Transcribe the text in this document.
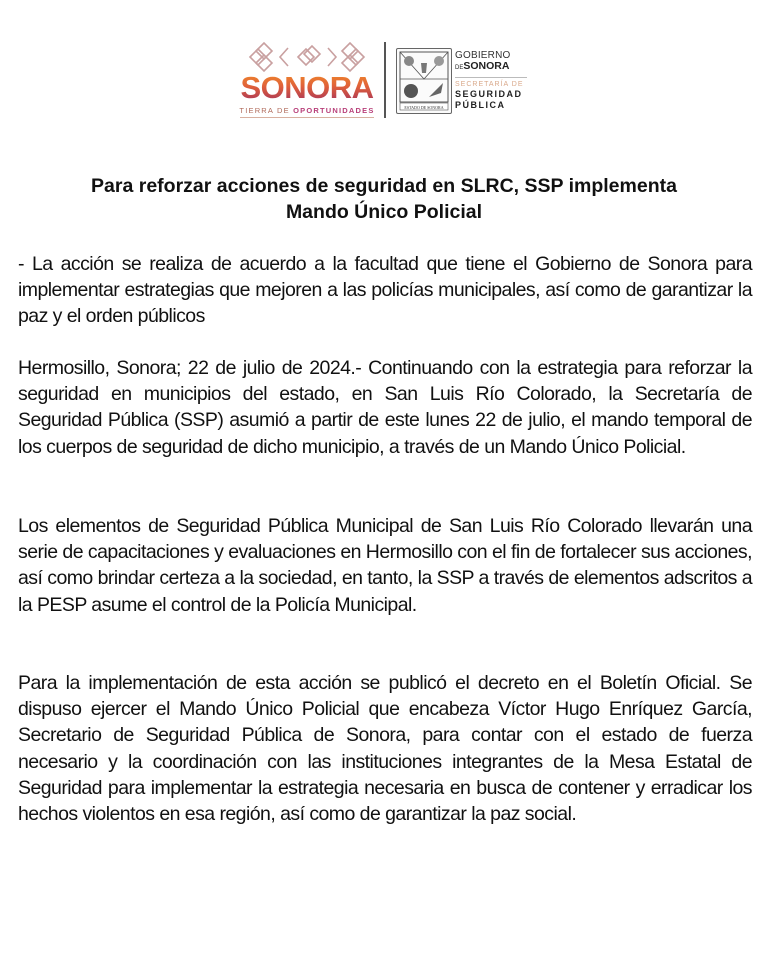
SONORA
TIERRA DE OPORTUNIDADES	ESTADO DE SONORA
GOBIERNO
DESONORA
SECRETARÍA DE
SEGURIDAD
PÚBLICA
Para reforzar acciones de seguridad en SLRC, SSP implementa
Mando Único Policial

- La acción se realiza de acuerdo a la facultad que tiene el Gobierno de Sonora para implementar estrategias que mejoren a las policías municipales, así como de garantizar la paz y el orden públicos

Hermosillo, Sonora; 22 de julio de 2024.- Continuando con la estrategia para reforzar la seguridad en municipios del estado, en San Luis Río Colorado, la Secretaría de Seguridad Pública (SSP) asumió a partir de este lunes 22 de julio, el mando temporal de los cuerpos de seguridad de dicho municipio, a través de un Mando Único Policial.

Los elementos de Seguridad Pública Municipal de San Luis Río Colorado llevarán una serie de capacitaciones y evaluaciones en Hermosillo con el fin de fortalecer sus acciones, así como brindar certeza a la sociedad, en tanto, la SSP a través de elementos adscritos a la PESP asume el control de la Policía Municipal.

Para la implementación de esta acción se publicó el decreto en el Boletín Oficial. Se dispuso ejercer el Mando Único Policial que encabeza Víctor Hugo Enríquez García, Secretario de Seguridad Pública de Sonora, para contar con el estado de fuerza necesario y la coordinación con las instituciones integrantes de la Mesa Estatal de Seguridad para implementar la estrategia necesaria en busca de contener y erradicar los hechos violentos en esa región, así como de garantizar la paz social.
